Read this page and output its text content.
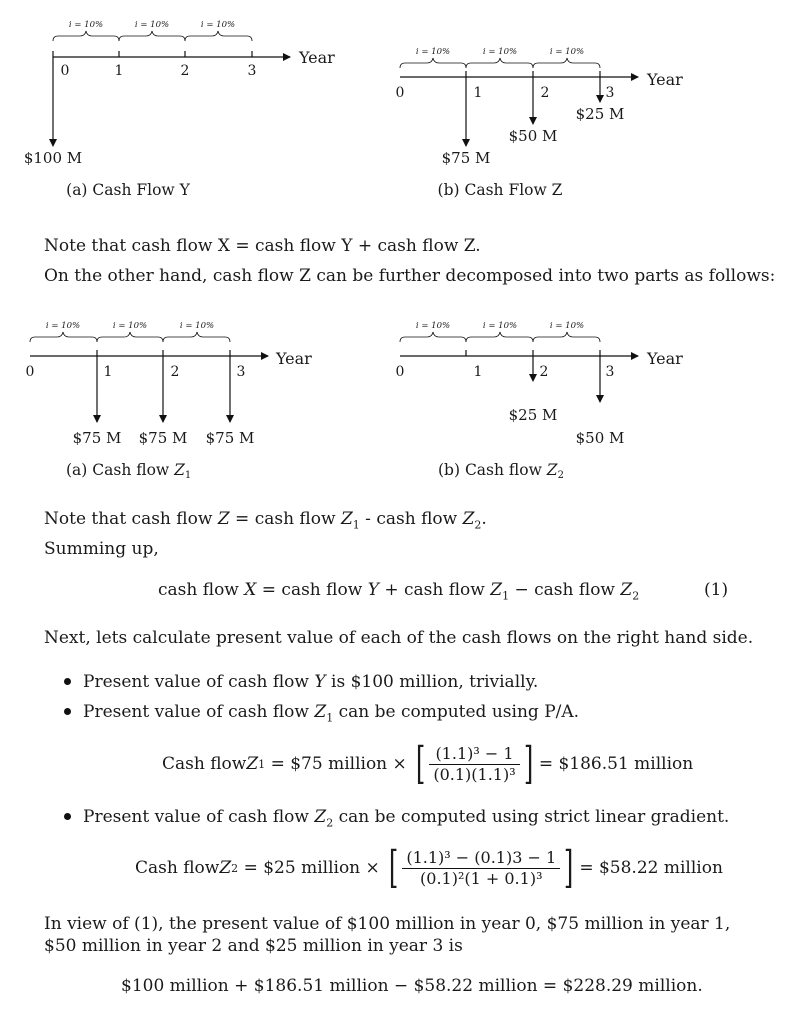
i = 10%	i = 10%	i = 10%
Year
0	1	2	3
$100 M
(a) Cash Flow Y
i = 10%	i = 10%	i = 10%
Year
0	1	2	3
$75 M
$50 M
$25 M
(b) Cash Flow Z
i = 10%	i = 10%	i = 10%
Year
0	1	2	3
$75 M $75 M $75 M
(a) Cash flow Z1
i = 10%	i = 10%	i = 10%
Year
0	1	2	3
$25 M
$50 M
(b) Cash flow Z2
Note that cash flow X = cash flow Y + cash flow Z.
On the other hand, cash flow Z can be further decomposed into two parts as follows:
Note that cash flow Z = cash flow $Z_1$ - cash flow $Z_2$.
Summing up,
cash flow X = cash flow Y + cash flow $Z_1$ − cash flow $Z_2$	(1)
Next, lets calculate present value of each of the cash flows on the right hand side.
Present value of cash flow Y is $100 million, trivially.
Present value of cash flow $Z_1$ can be computed using P/A.
Cash flow Z 1 = $75 million × [ $\frac{\text{(1.1)³ − 1}}{\text{(0.1)(1.1)³}}$ ] = $186.51 million
Present value of cash flow $Z_2$ can be computed using strict linear gradient.
Cash flow Z 2 = $25 million × [ $\frac{\text{(1.1)³ − (0.1)3 − 1}}{\text{(0.1)²(1 + 0.1)³}}$ ] = $58.22 million
In view of (1), the present value of $100 million in year 0, $75 million in year 1, $50 million in year 2 and $25 million in year 3 is
$100 million + $186.51 million − $58.22 million = $228.29 million.
